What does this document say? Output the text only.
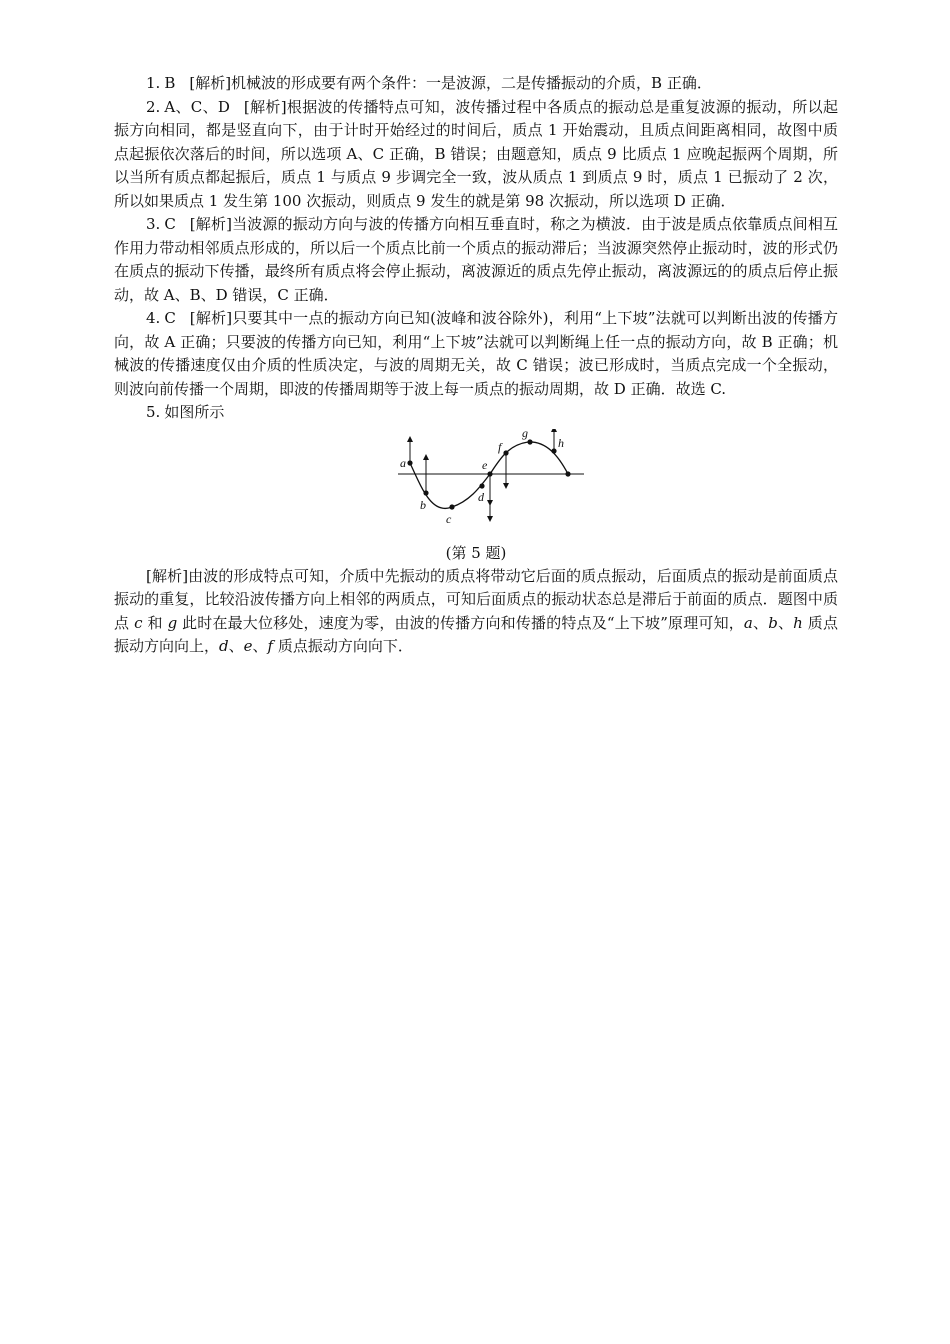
1. B [解析]机械波的形成要有两个条件：一是波源，二是传播振动的介质，B 正确．

2. A、C、D [解析]根据波的传播特点可知，波传播过程中各质点的振动总是重复波源的振动，所以起振方向相同，都是竖直向下，由于计时开始经过的时间后，质点 1 开始震动，且质点间距离相同，故图中质点起振依次落后的时间，所以选项 A、C 正确，B 错误；由题意知，质点 9 比质点 1 应晚起振两个周期，所以当所有质点都起振后，质点 1 与质点 9 步调完全一致，波从质点 1 到质点 9 时，质点 1 已振动了 2 次，所以如果质点 1 发生第 100 次振动，则质点 9 发生的就是第 98 次振动，所以选项 D 正确．

3. C [解析]当波源的振动方向与波的传播方向相互垂直时，称之为横波．由于波是质点依靠质点间相互作用力带动相邻质点形成的，所以后一个质点比前一个质点的振动滞后；当波源突然停止振动时，波的形式仍在质点的振动下传播，最终所有质点将会停止振动，离波源近的质点先停止振动，离波源远的的质点后停止振动，故 A、B、D 错误，C 正确．

4. C [解析]只要其中一点的振动方向已知(波峰和波谷除外)，利用“上下坡”法就可以判断出波的传播方向，故 A 正确；只要波的传播方向已知，利用“上下坡”法就可以判断绳上任一点的振动方向，故 B 正确；机械波的传播速度仅由介质的性质决定，与波的周期无关，故 C 错误；波已形成时，当质点完成一个全振动，则波向前传播一个周期，即波的传播周期等于波上每一质点的振动周期，故 D 正确．故选 C.

5. 如图所示

a
b
c
d
e
f
g
h

(第 5 题)

[解析]由波的形成特点可知，介质中先振动的质点将带动它后面的质点振动，后面质点的振动是前面质点振动的重复，比较沿波传播方向上相邻的两质点，可知后面质点的振动状态总是滞后于前面的质点．题图中质点 c 和 g 此时在最大位移处，速度为零，由波的传播方向和传播的特点及“上下坡”原理可知，a、b、h 质点振动方向向上，d、e、f 质点振动方向向下．
